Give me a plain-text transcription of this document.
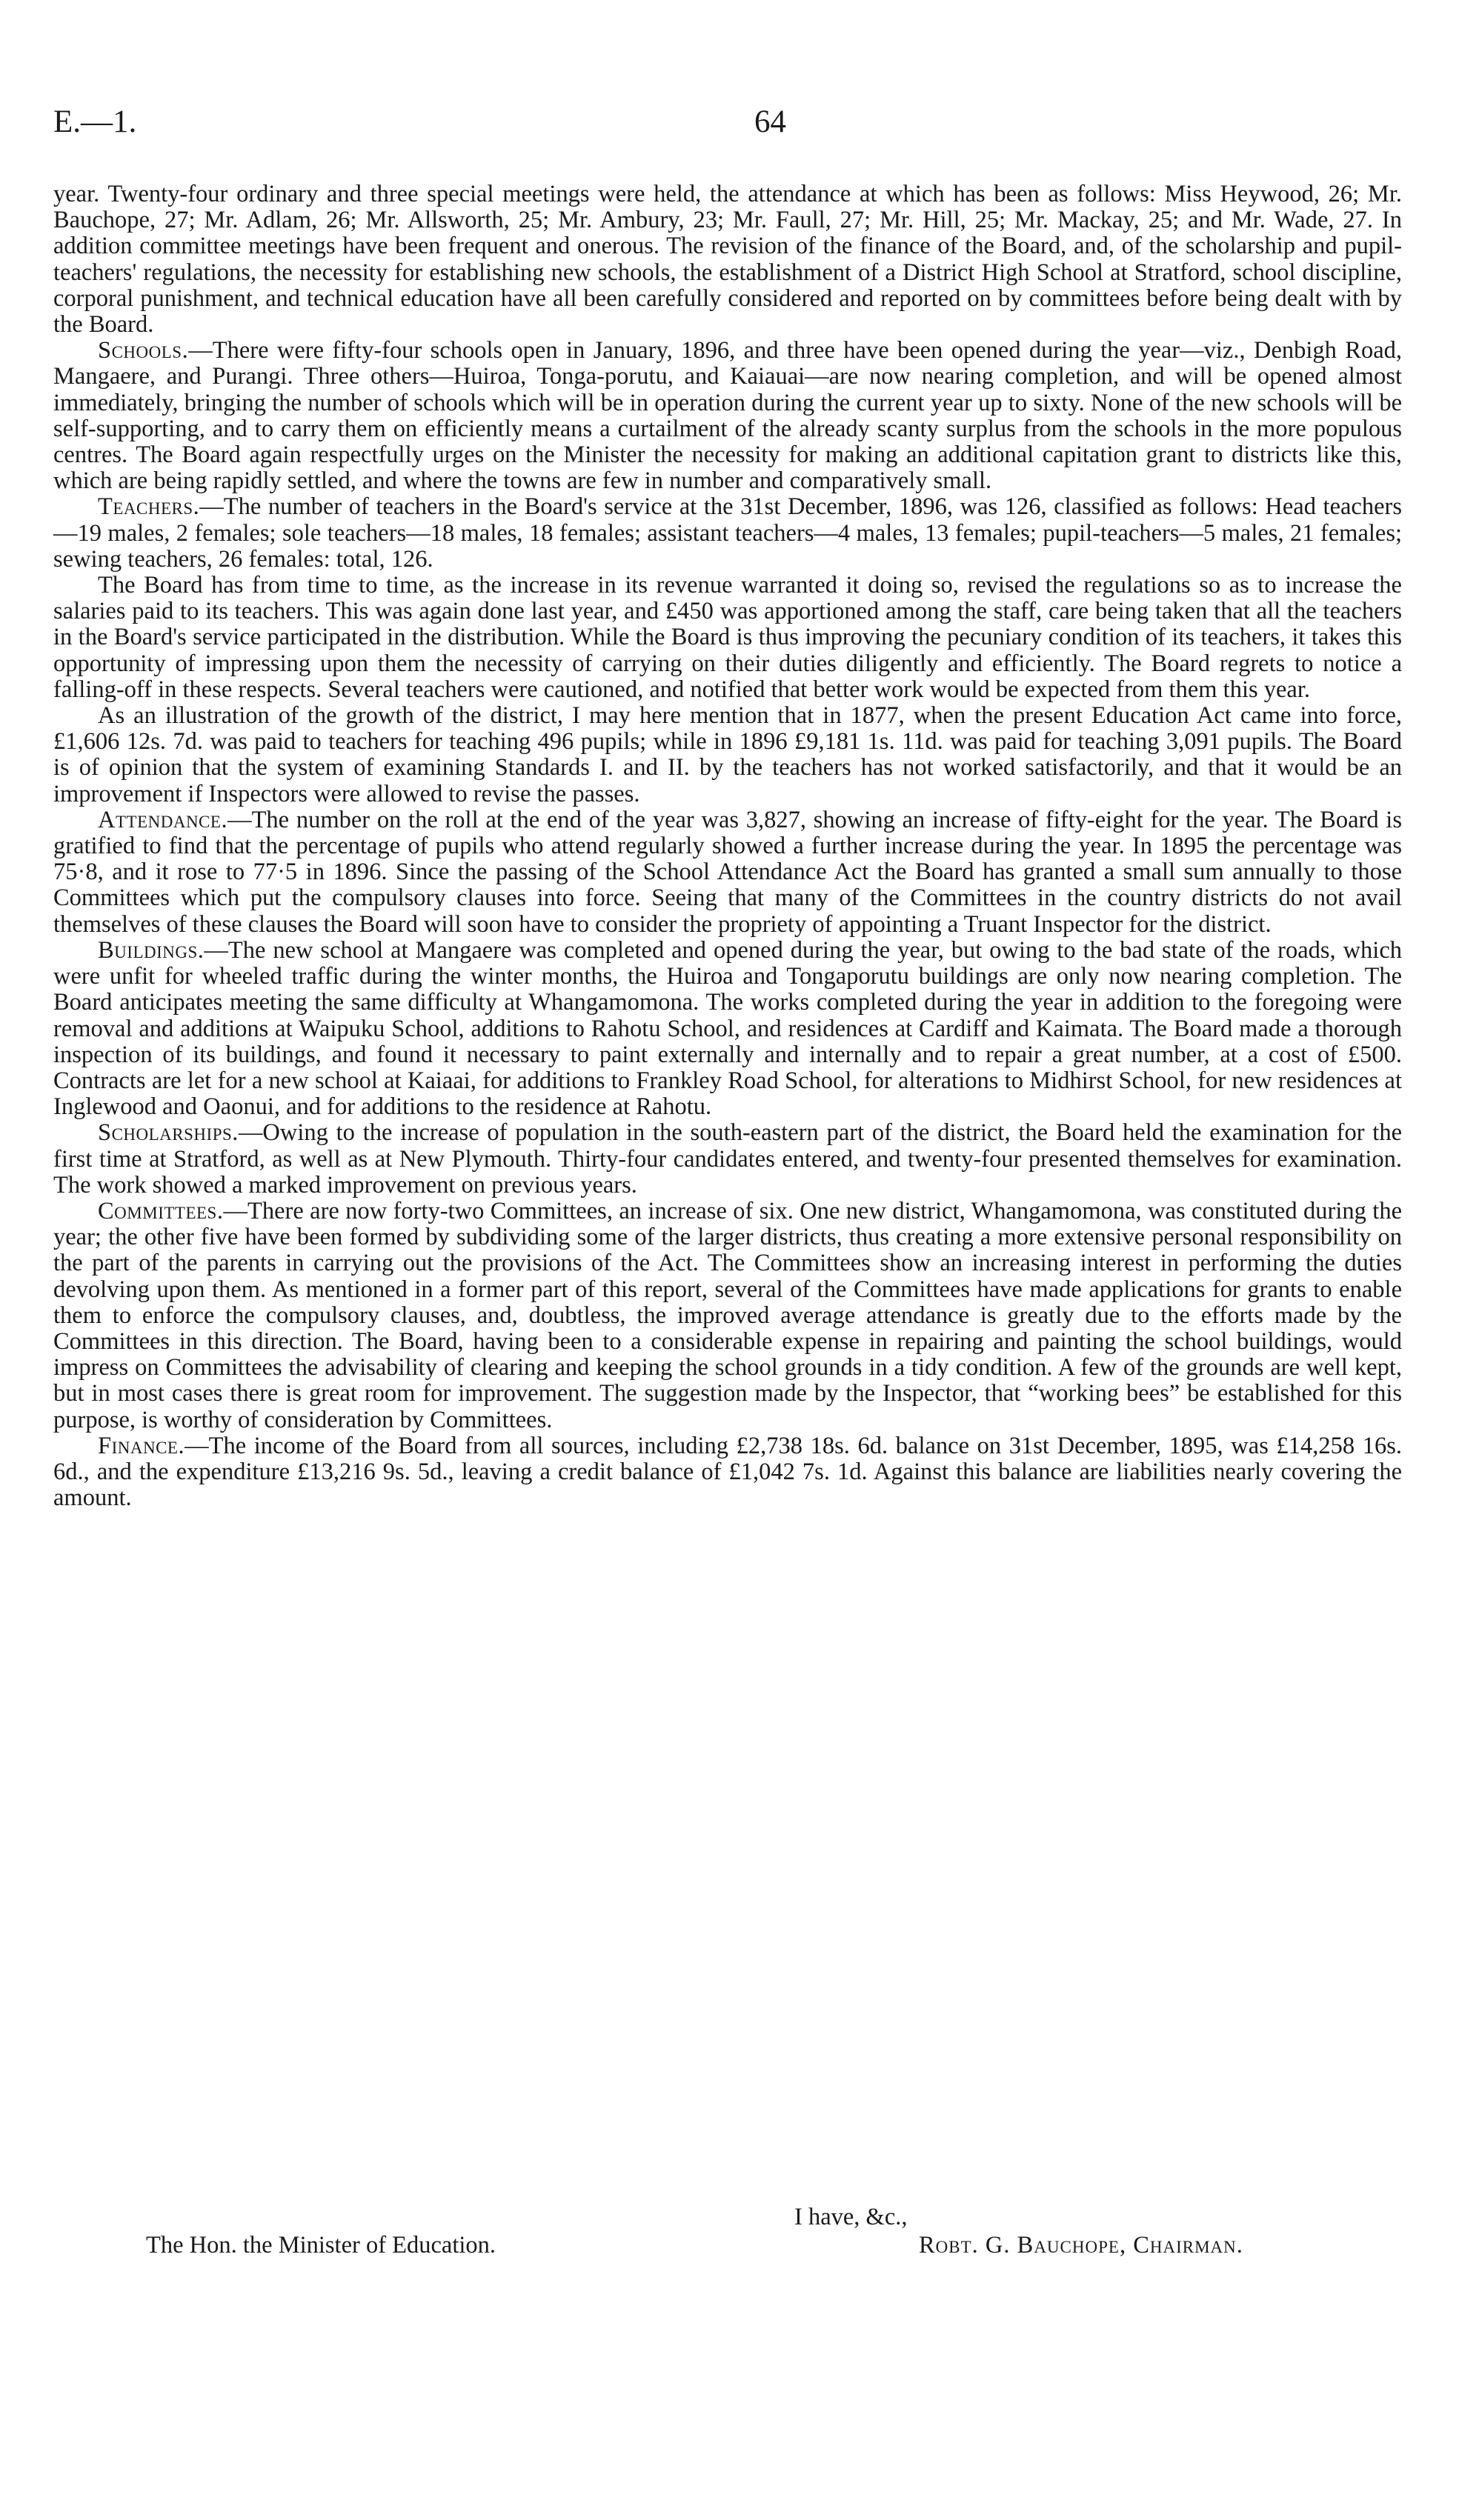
E.—1.	64

year. Twenty-four ordinary and three special meetings were held, the attendance at which has been as follows: Miss Heywood, 26; Mr. Bauchope, 27; Mr. Adlam, 26; Mr. Allsworth, 25; Mr. Ambury, 23; Mr. Faull, 27; Mr. Hill, 25; Mr. Mackay, 25; and Mr. Wade, 27. In addition committee meetings have been frequent and onerous. The revision of the finance of the Board, and, of the scholarship and pupil-teachers' regulations, the necessity for establishing new schools, the establishment of a District High School at Stratford, school discipline, corporal punishment, and technical education have all been carefully considered and reported on by committees before being dealt with by the Board.

Schools.—There were fifty-four schools open in January, 1896, and three have been opened during the year—viz., Denbigh Road, Mangaere, and Purangi. Three others—Huiroa, Tonga-porutu, and Kaiauai—are now nearing completion, and will be opened almost immediately, bringing the number of schools which will be in operation during the current year up to sixty. None of the new schools will be self-supporting, and to carry them on efficiently means a curtailment of the already scanty surplus from the schools in the more populous centres. The Board again respectfully urges on the Minister the necessity for making an additional capitation grant to districts like this, which are being rapidly settled, and where the towns are few in number and comparatively small.

Teachers.—The number of teachers in the Board's service at the 31st December, 1896, was 126, classified as follows: Head teachers—19 males, 2 females; sole teachers—18 males, 18 females; assistant teachers—4 males, 13 females; pupil-teachers—5 males, 21 females; sewing teachers, 26 females: total, 126.

The Board has from time to time, as the increase in its revenue warranted it doing so, revised the regulations so as to increase the salaries paid to its teachers. This was again done last year, and £450 was apportioned among the staff, care being taken that all the teachers in the Board's service participated in the distribution. While the Board is thus improving the pecuniary condition of its teachers, it takes this opportunity of impressing upon them the necessity of carrying on their duties diligently and efficiently. The Board regrets to notice a falling-off in these respects. Several teachers were cautioned, and notified that better work would be expected from them this year.

As an illustration of the growth of the district, I may here mention that in 1877, when the present Education Act came into force, £1,606 12s. 7d. was paid to teachers for teaching 496 pupils; while in 1896 £9,181 1s. 11d. was paid for teaching 3,091 pupils. The Board is of opinion that the system of examining Standards I. and II. by the teachers has not worked satisfactorily, and that it would be an improvement if Inspectors were allowed to revise the passes.

Attendance.—The number on the roll at the end of the year was 3,827, showing an increase of fifty-eight for the year. The Board is gratified to find that the percentage of pupils who attend regularly showed a further increase during the year. In 1895 the percentage was 75·8, and it rose to 77·5 in 1896. Since the passing of the School Attendance Act the Board has granted a small sum annually to those Committees which put the compulsory clauses into force. Seeing that many of the Committees in the country districts do not avail themselves of these clauses the Board will soon have to consider the propriety of appointing a Truant Inspector for the district.

Buildings.—The new school at Mangaere was completed and opened during the year, but owing to the bad state of the roads, which were unfit for wheeled traffic during the winter months, the Huiroa and Tongaporutu buildings are only now nearing completion. The Board anticipates meeting the same difficulty at Whangamomona. The works completed during the year in addition to the foregoing were removal and additions at Waipuku School, additions to Rahotu School, and residences at Cardiff and Kaimata. The Board made a thorough inspection of its buildings, and found it necessary to paint externally and internally and to repair a great number, at a cost of £500. Contracts are let for a new school at Kaiaai, for additions to Frankley Road School, for alterations to Midhirst School, for new residences at Inglewood and Oaonui, and for additions to the residence at Rahotu.

Scholarships.—Owing to the increase of population in the south-eastern part of the district, the Board held the examination for the first time at Stratford, as well as at New Plymouth. Thirty-four candidates entered, and twenty-four presented themselves for examination. The work showed a marked improvement on previous years.

Committees.—There are now forty-two Committees, an increase of six. One new district, Whangamomona, was constituted during the year; the other five have been formed by subdividing some of the larger districts, thus creating a more extensive personal responsibility on the part of the parents in carrying out the provisions of the Act. The Committees show an increasing interest in performing the duties devolving upon them. As mentioned in a former part of this report, several of the Committees have made applications for grants to enable them to enforce the compulsory clauses, and, doubtless, the improved average attendance is greatly due to the efforts made by the Committees in this direction. The Board, having been to a considerable expense in repairing and painting the school buildings, would impress on Committees the advisability of clearing and keeping the school grounds in a tidy condition. A few of the grounds are well kept, but in most cases there is great room for improvement. The suggestion made by the Inspector, that “working bees” be established for this purpose, is worthy of consideration by Committees.

Finance.—The income of the Board from all sources, including £2,738 18s. 6d. balance on 31st December, 1895, was £14,258 16s. 6d., and the expenditure £13,216 9s. 5d., leaving a credit balance of £1,042 7s. 1d. Against this balance are liabilities nearly covering the amount.

I have, &c.,
The Hon. the Minister of Education.	Robt. G. Bauchope, Chairman.
